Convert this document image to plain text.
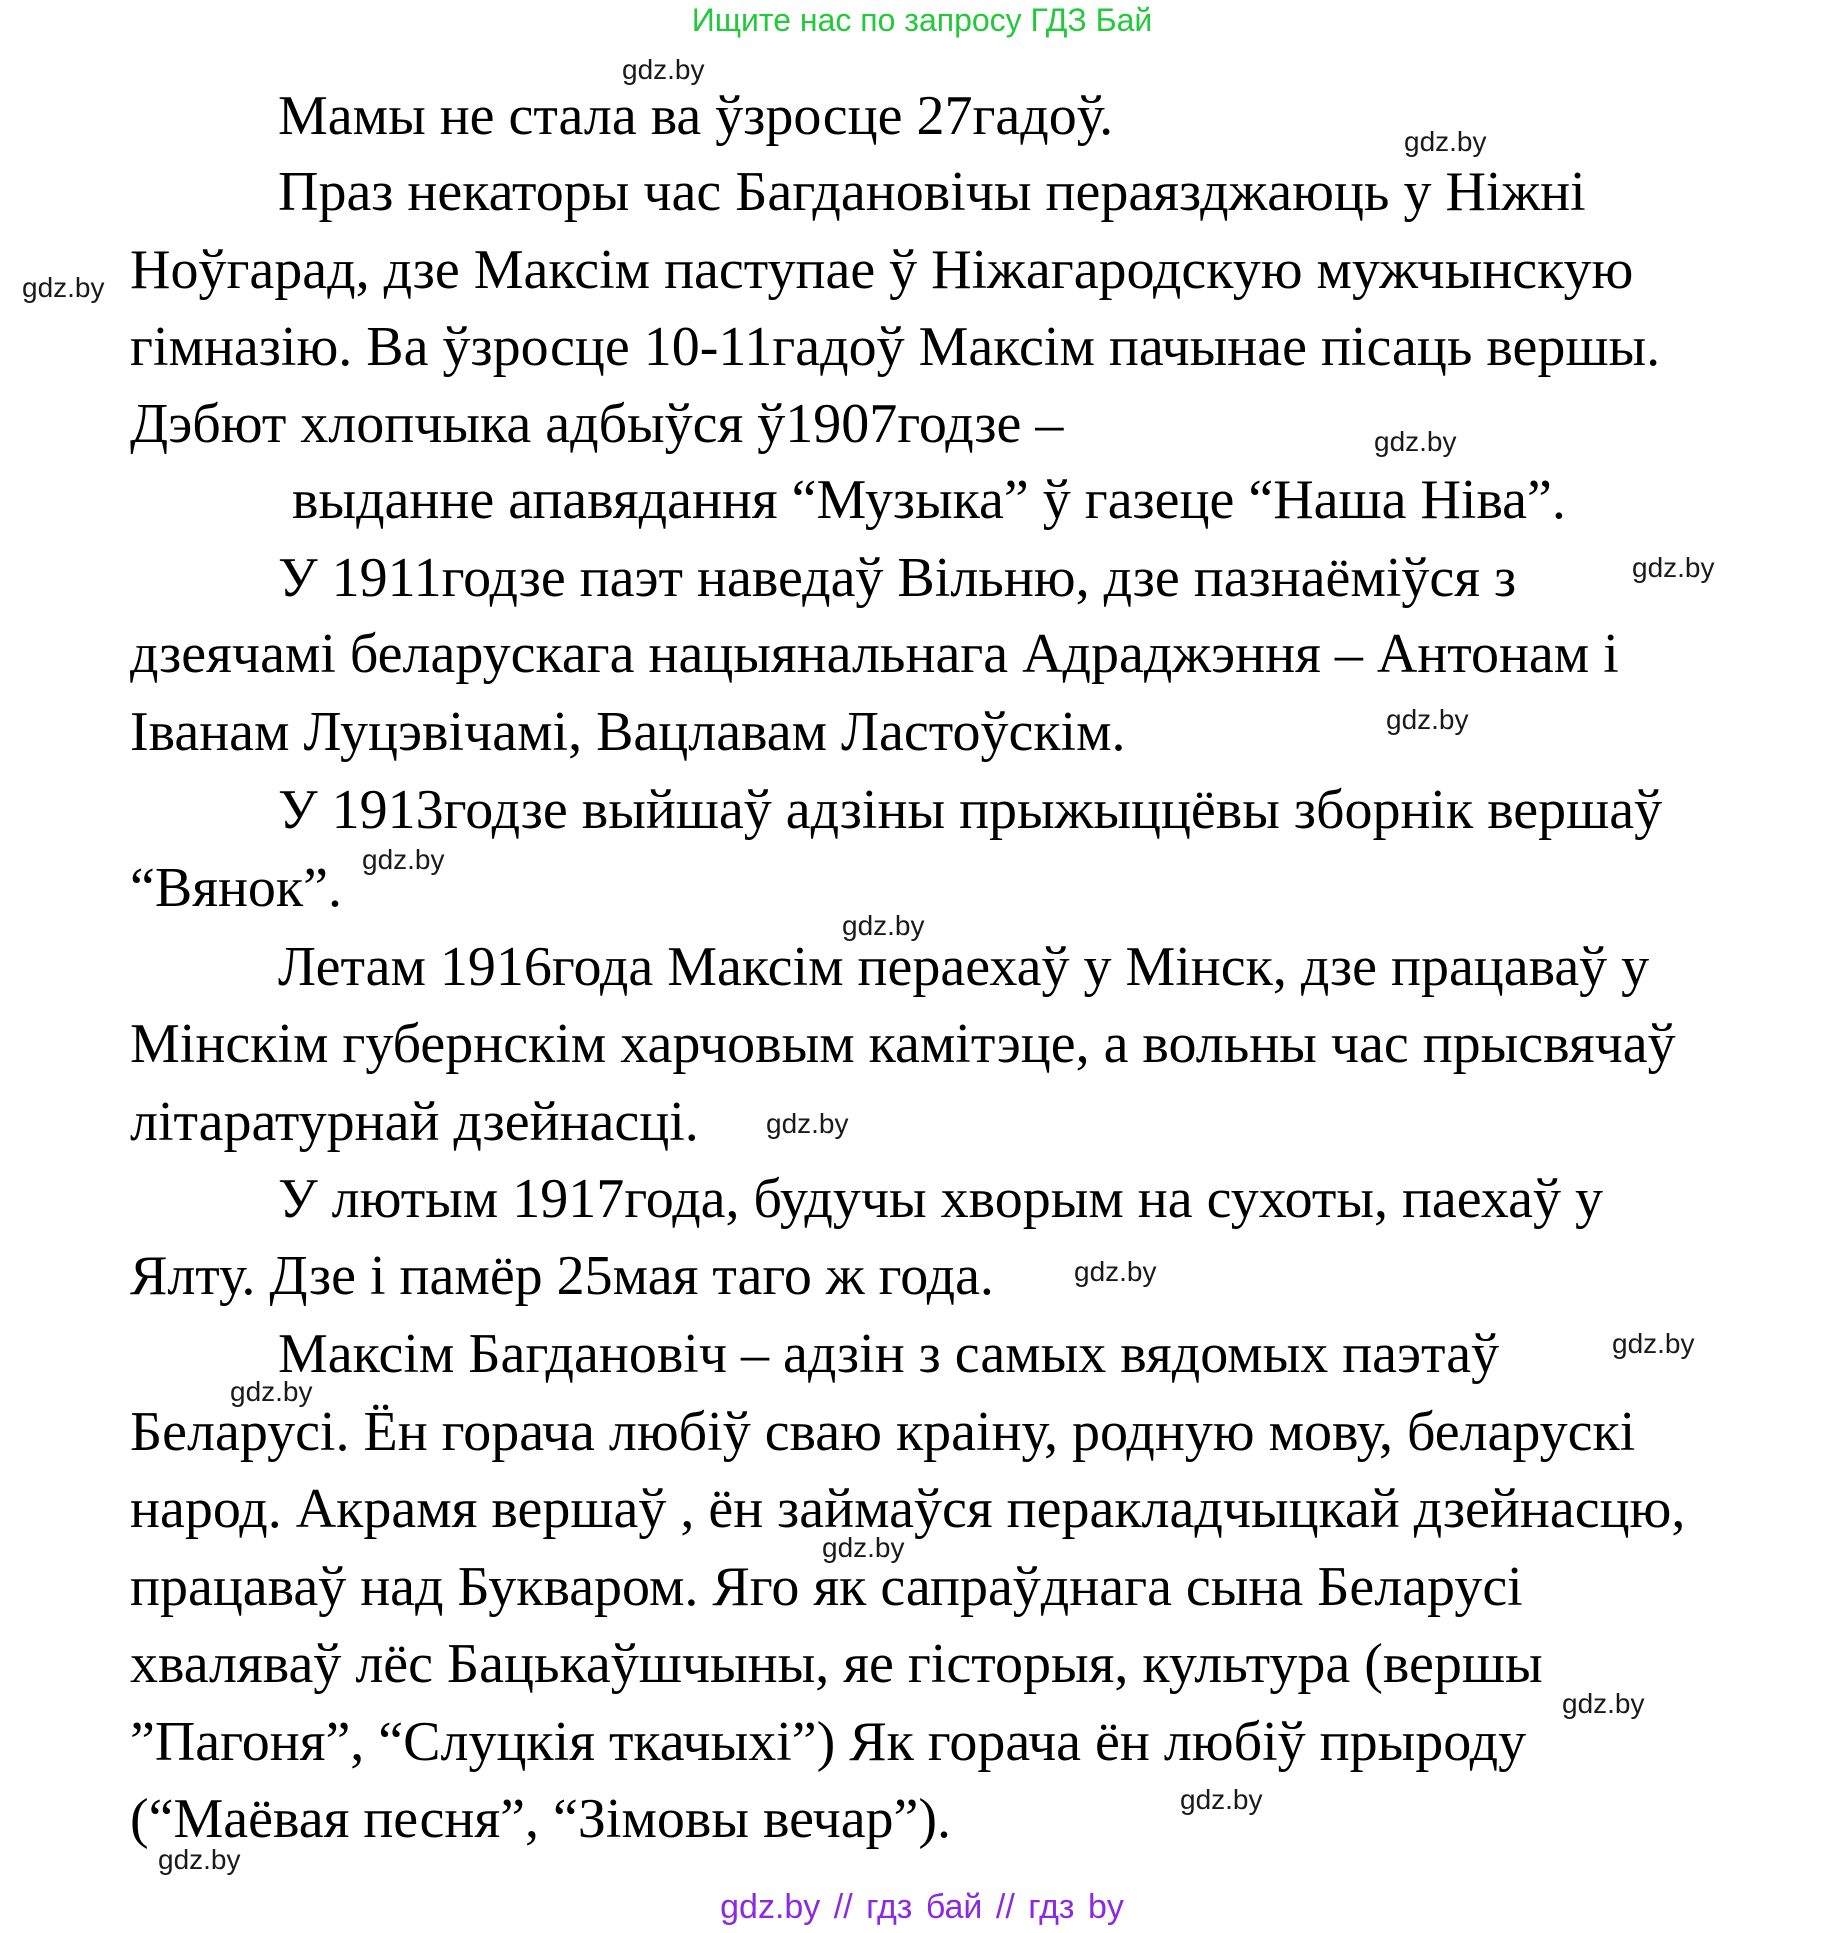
Ищите нас по запросу ГДЗ Бай
Мамы не стала ва ўзросце 27гадоў.
Праз некаторы час Багдановічы пераязджаюць у Ніжні
Ноўгарад, дзе Максім паступае ў Ніжагародскую мужчынскую
гімназію. Ва ўзросце 10-11гадоў Максім пачынае пісаць вершы.
Дэбют хлопчыка адбыўся ў1907годзе –
выданне апавядання “Музыка” ў газеце “Наша Ніва”.
У 1911годзе паэт наведаў Вільню, дзе пазнаёміўся з
дзеячамі беларускага нацыянальнага Адраджэння – Антонам і
Іванам Луцэвічамі, Вацлавам Ластоўскім.
У 1913годзе выйшаў адзіны прыжыццёвы зборнік вершаў
“Вянок”.
Летам 1916года Максім пераехаў у Мінск, дзе працаваў у
Мінскім губернскім харчовым камітэце, а вольны час прысвячаў
літаратурнай дзейнасці.
У лютым 1917года, будучы хворым на сухоты, паехаў у
Ялту. Дзе і памёр 25мая таго ж года.
Максім Багдановіч – адзін з самых вядомых паэтаў
Беларусі. Ён горача любіў сваю краіну, родную мову, беларускі
народ. Акрамя вершаў , ён займаўся перакладчыцкай дзейнасцю,
працаваў над Букваром. Яго як сапраўднага сына Беларусі
хваляваў лёс Бацькаўшчыны, яе гісторыя, культура (вершы
”Пагоня”, “Слуцкія ткачыхі”) Як горача ён любіў прыроду
(“Маёвая песня”, “Зімовы вечар”).
gdz.by
gdz.by
gdz.by
gdz.by
gdz.by
gdz.by
gdz.by
gdz.by
gdz.by
gdz.by
gdz.by
gdz.by
gdz.by
gdz.by
gdz.by
gdz.by
gdz.by // гдз бай // гдз by
